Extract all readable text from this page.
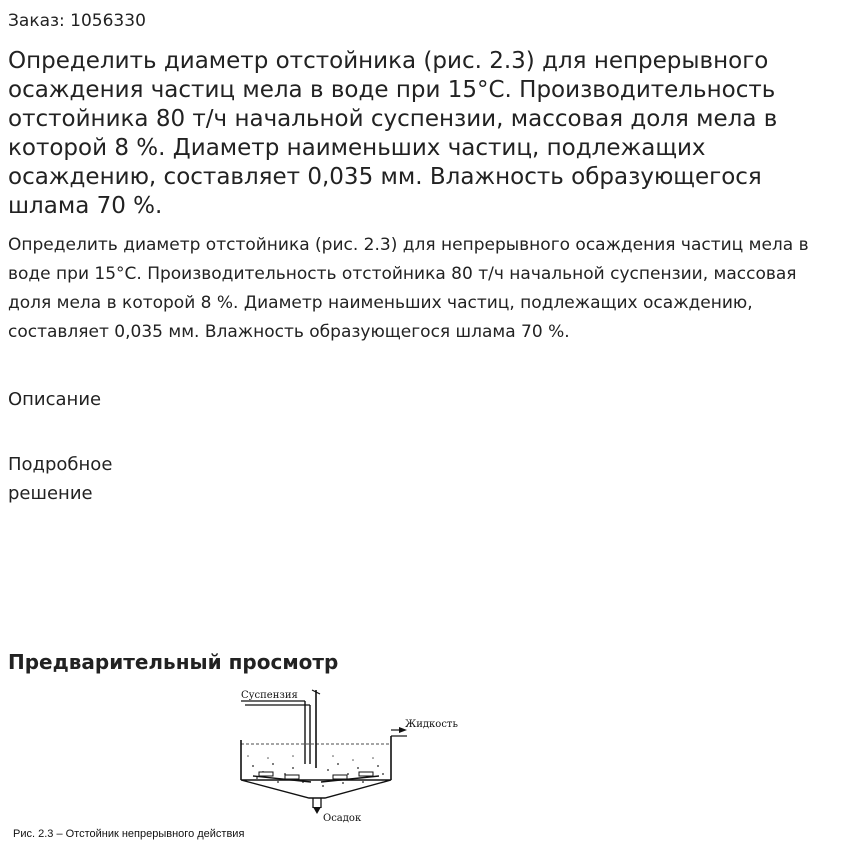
Заказ: 1056330
Определить диаметр отстойника (рис. 2.3) для непрерывного осаждения частиц мела в воде при 15°С. Производительность отстойника 80 т/ч начальной суспензии, массовая доля мела в которой 8 %. Диаметр наименьших частиц, подлежащих осаждению, составляет 0,035 мм. Влажность образующегося шлама 70 %.

Определить диаметр отстойника (рис. 2.3) для непрерывного осаждения частиц мела в воде при 15°С. Производительность отстойника 80 т/ч начальной суспензии, массовая доля мела в которой 8 %. Диаметр наименьших частиц, подлежащих осаждению, составляет 0,035 мм. Влажность образующегося шлама 70 %.

Описание
Подробное решение
Предварительный просмотр
Суспензия
Жидкость
Осадок
Рис. 2.3 – Отстойник непрерывного действия
